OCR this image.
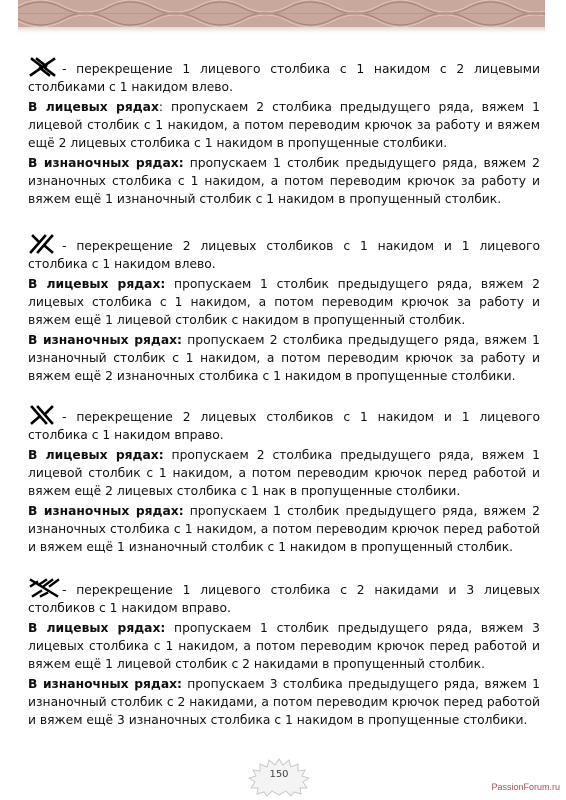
- перекрещение 1 лицевого столбика с 1 накидом с 2 лицевыми столбиками с 1 накидом влево.

В лицевых рядах: пропускаем 2 столбика предыдущего ряда, вяжем 1 лицевой столбик с 1 накидом, а потом переводим крючок за работу и вяжем ещё 2 лицевых столбика с 1 накидом в пропущенные столбики.

В изнаночных рядах: пропускаем 1 столбик предыдущего ряда, вяжем 2 изнаночных столбика с 1 накидом, а потом переводим крючок за работу и вяжем ещё 1 изнаночный столбик с 1 накидом в пропущенный столбик.

- перекрещение 2 лицевых столбиков с 1 накидом и 1 лицевого столбика с 1 накидом влево.

В лицевых рядах: пропускаем 1 столбик предыдущего ряда, вяжем 2 лицевых столбика с 1 накидом, а потом переводим крючок за работу и вяжем ещё 1 лицевой столбик с накидом в пропущенный столбик.

В изнаночных рядах: пропускаем 2 столбика предыдущего ряда, вяжем 1 изнаночный столбик с 1 накидом, а потом переводим крючок за работу и вяжем ещё 2 изнаночных столбика с 1 накидом в пропущенные столбики.

- перекрещение 2 лицевых столбиков с 1 накидом и 1 лицевого столбика с 1 накидом вправо.

В лицевых рядах: пропускаем 2 столбика предыдущего ряда, вяжем 1 лицевой столбик с 1 накидом, а потом переводим крючок перед работой и вяжем ещё 2 лицевых столбика с 1 нак в пропущенные столбики.

В изнаночных рядах: пропускаем 1 столбик предыдущего ряда, вяжем 2 изнаночных столбика с 1 накидом, а потом переводим крючок перед работой и вяжем ещё 1 изнаночный столбик с 1 накидом в пропущенный столбик.

- перекрещение 1 лицевого столбика с 2 накидами и 3 лицевых столбиков с 1 накидом вправо.

В лицевых рядах: пропускаем 1 столбик предыдущего ряда, вяжем 3 лицевых столбика с 1 накидом, а потом переводим крючок перед работой и вяжем ещё 1 лицевой столбик с 2 накидами в пропущенный столбик.

В изнаночных рядах: пропускаем 3 столбика предыдущего ряда, вяжем 1 изнаночный столбик с 2 накидами, а потом переводим крючок перед работой и вяжем ещё 3 изнаночных столбика с 1 накидом в пропущенные столбики.

150
PassionForum.ru
